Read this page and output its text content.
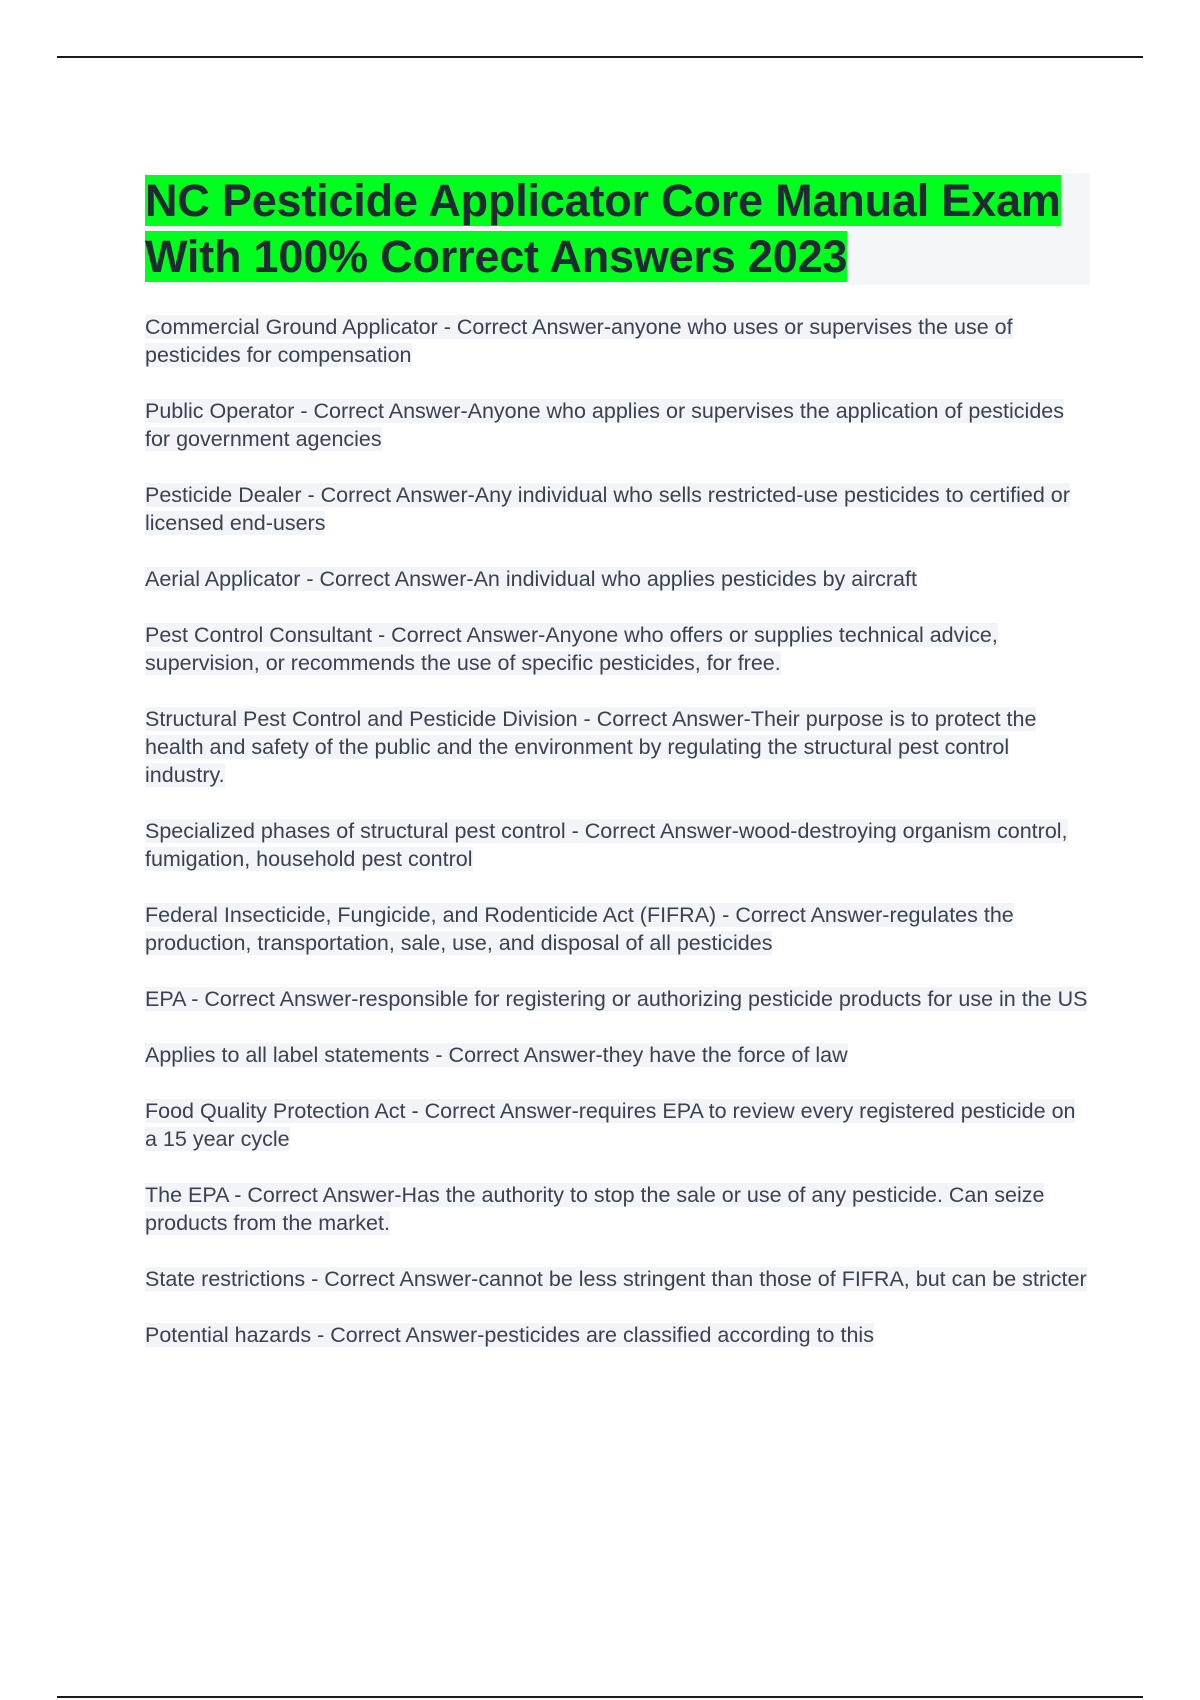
NC Pesticide Applicator Core Manual Exam With 100% Correct Answers 2023
Commercial Ground Applicator - Correct Answer-anyone who uses or supervises the use of pesticides for compensation
Public Operator - Correct Answer-Anyone who applies or supervises the application of pesticides for government agencies
Pesticide Dealer - Correct Answer-Any individual who sells restricted-use pesticides to certified or licensed end-users
Aerial Applicator - Correct Answer-An individual who applies pesticides by aircraft
Pest Control Consultant - Correct Answer-Anyone who offers or supplies technical advice, supervision, or recommends the use of specific pesticides, for free.
Structural Pest Control and Pesticide Division - Correct Answer-Their purpose is to protect the health and safety of the public and the environment by regulating the structural pest control industry.
Specialized phases of structural pest control - Correct Answer-wood-destroying organism control, fumigation, household pest control
Federal Insecticide, Fungicide, and Rodenticide Act (FIFRA) - Correct Answer-regulates the production, transportation, sale, use, and disposal of all pesticides
EPA - Correct Answer-responsible for registering or authorizing pesticide products for use in the US
Applies to all label statements - Correct Answer-they have the force of law
Food Quality Protection Act - Correct Answer-requires EPA to review every registered pesticide on a 15 year cycle
The EPA - Correct Answer-Has the authority to stop the sale or use of any pesticide. Can seize products from the market.
State restrictions - Correct Answer-cannot be less stringent than those of FIFRA, but can be stricter
Potential hazards - Correct Answer-pesticides are classified according to this
